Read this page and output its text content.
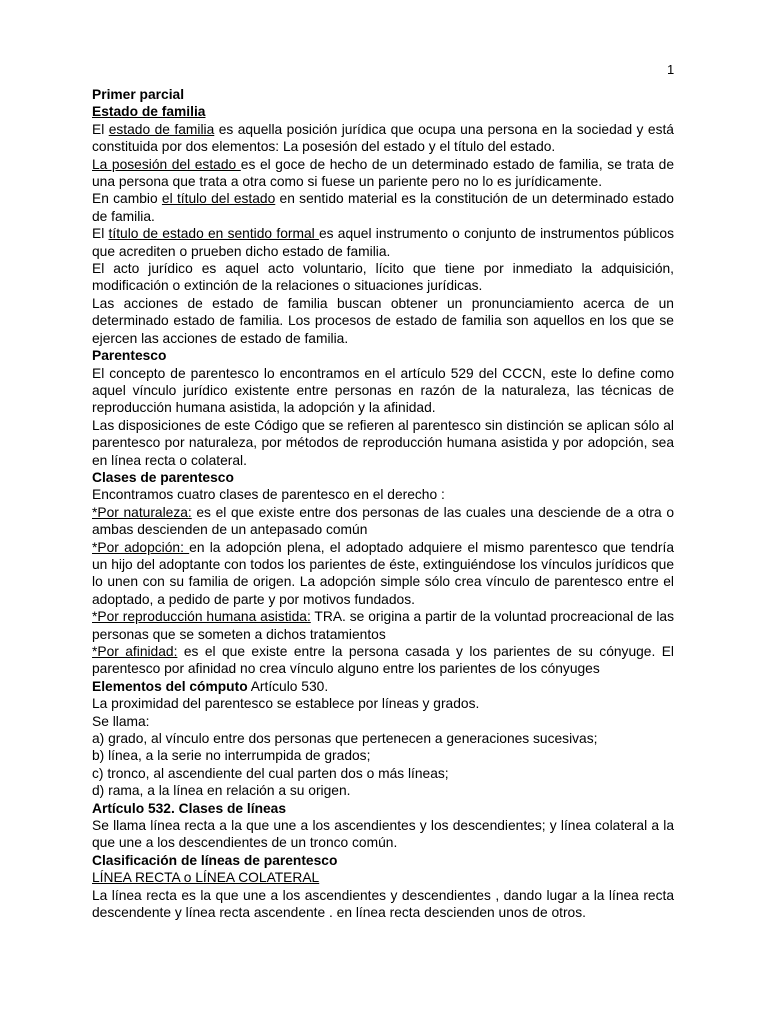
1

Primer parcial

Estado de familia

El estado de familia es aquella posición jurídica que ocupa una persona en la sociedad y está constituida por dos elementos: La posesión del estado y el título del estado.

La posesión del estado es el goce de hecho de un determinado estado de familia, se trata de una persona que trata a otra como si fuese un pariente pero no lo es jurídicamente.

En cambio el título del estado en sentido material es la constitución de un determinado estado de familia.

El título de estado en sentido formal es aquel instrumento o conjunto de instrumentos públicos que acrediten o prueben dicho estado de familia.

El acto jurídico es aquel acto voluntario, lícito que tiene por inmediato la adquisición, modificación o extinción de la relaciones o situaciones jurídicas.

Las acciones de estado de familia buscan obtener un pronunciamiento acerca de un determinado estado de familia. Los procesos de estado de familia son aquellos en los que se ejercen las acciones de estado de familia.

Parentesco

El concepto de parentesco lo encontramos en el artículo 529 del CCCN, este lo define como aquel vínculo jurídico existente entre personas en razón de la naturaleza, las técnicas de reproducción humana asistida, la adopción y la afinidad.

Las disposiciones de este Código que se refieren al parentesco sin distinción se aplican sólo al parentesco por naturaleza, por métodos de reproducción humana asistida y por adopción, sea en línea recta o colateral.

Clases de parentesco

Encontramos cuatro clases de parentesco en el derecho :

*Por naturaleza: es el que existe entre dos personas de las cuales una desciende de a otra o ambas descienden de un antepasado común

*Por adopción: en la adopción plena, el adoptado adquiere el mismo parentesco que tendría un hijo del adoptante con todos los parientes de éste, extinguiéndose los vínculos jurídicos que lo unen con su familia de origen. La adopción simple sólo crea vínculo de parentesco entre el adoptado, a pedido de parte y por motivos fundados.

*Por reproducción humana asistida: TRA. se origina a partir de la voluntad procreacional de las personas que se someten a dichos tratamientos

*Por afinidad: es el que existe entre la persona casada y los parientes de su cónyuge. El parentesco por afinidad no crea vínculo alguno entre los parientes de los cónyuges

Elementos del cómputo Artículo 530.

La proximidad del parentesco se establece por líneas y grados.

Se llama:

a) grado, al vínculo entre dos personas que pertenecen a generaciones sucesivas;

b) línea, a la serie no interrumpida de grados;

c) tronco, al ascendiente del cual parten dos o más líneas;

d) rama, a la línea en relación a su origen.

Artículo 532. Clases de líneas

Se llama línea recta a la que une a los ascendientes y los descendientes; y línea colateral a la que une a los descendientes de un tronco común.

Clasificación de líneas de parentesco

LÍNEA RECTA o LÍNEA COLATERAL

La línea recta es la que une a los ascendientes y descendientes , dando lugar a la línea recta descendente y línea recta ascendente . en línea recta descienden unos de otros.
